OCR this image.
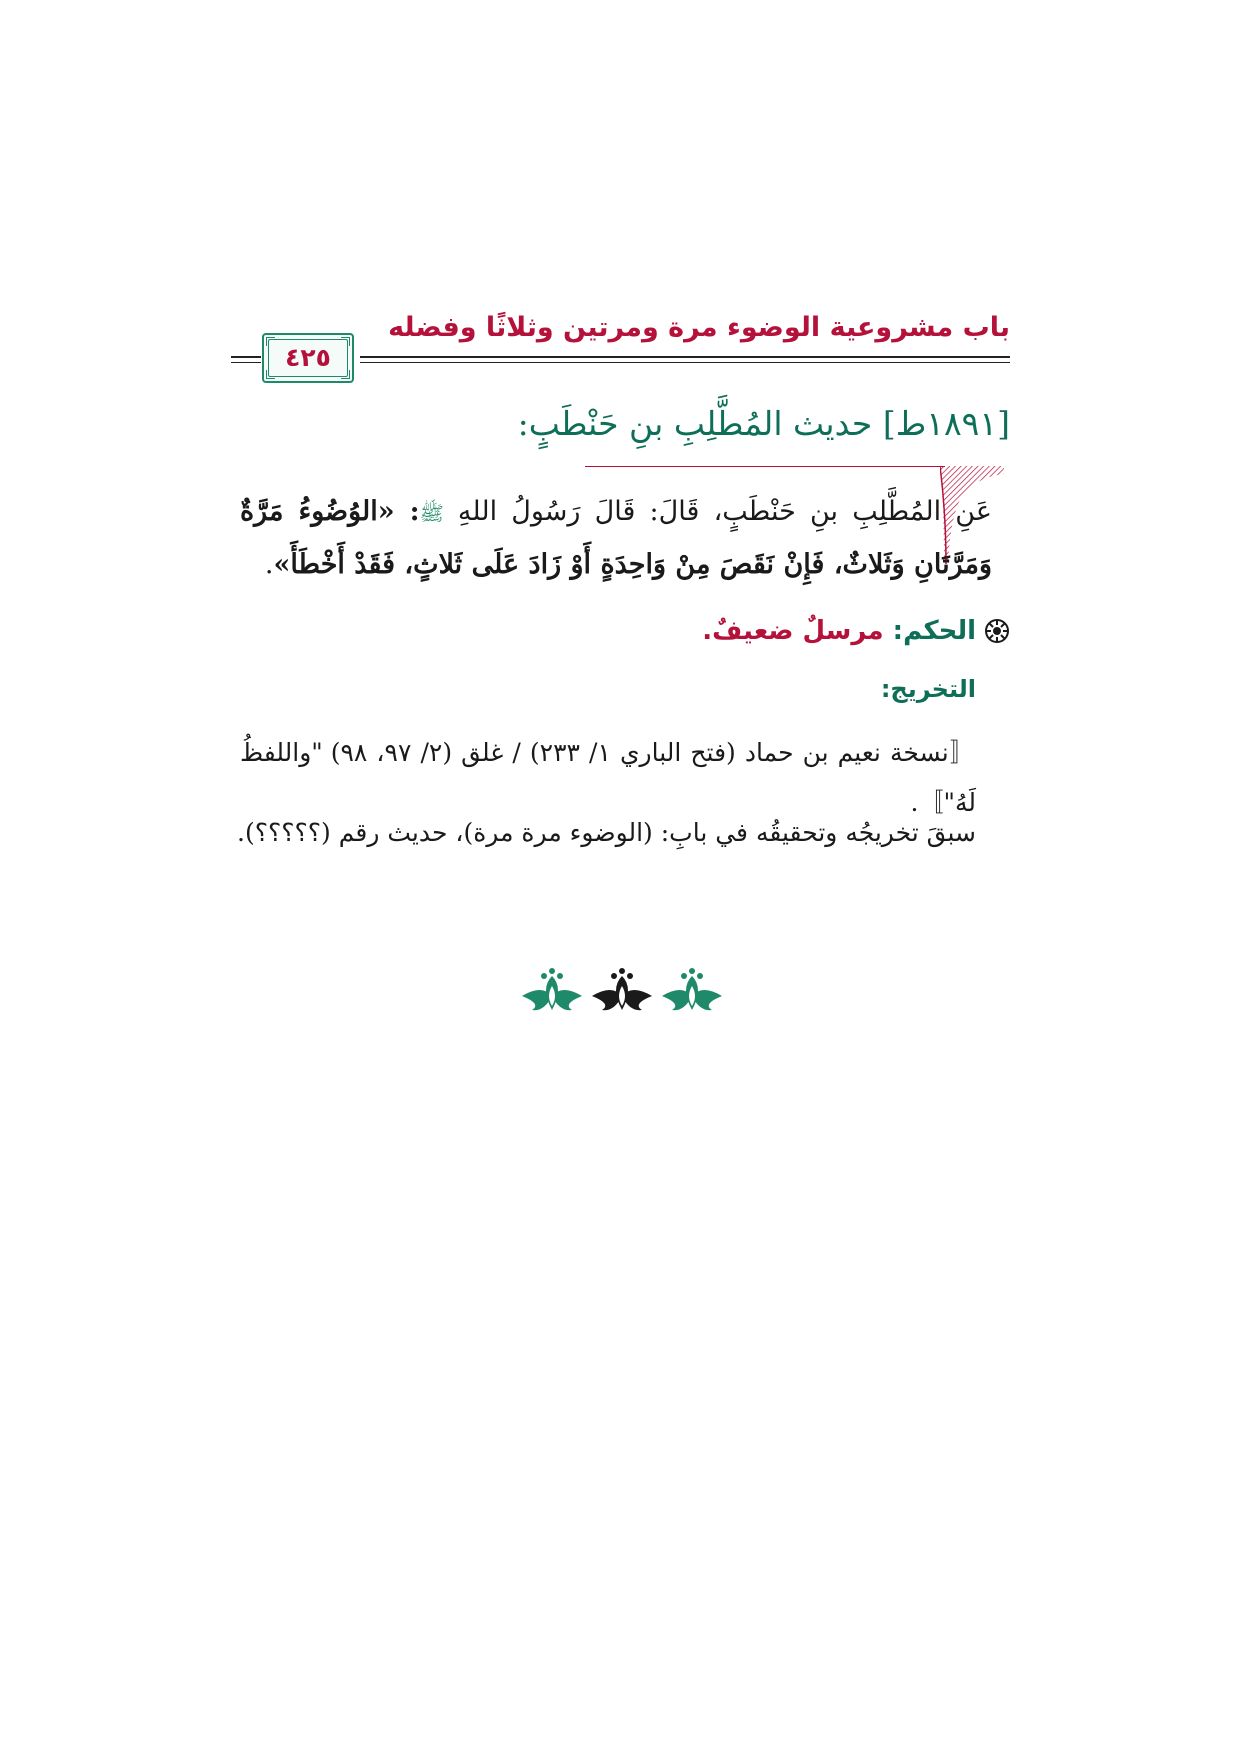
باب مشروعية الوضوء مرة ومرتين وثلاثًا وفضله
٤٢٥
[١٨٩١ط] حديث المُطَّلِبِ بنِ حَنْطَبٍ:
عَنِ المُطَّلِبِ بنِ حَنْطَبٍ، قَالَ: قَالَ رَسُولُ اللهِ ﷺ: «الوُضُوءُ مَرَّةٌ وَمَرَّتَانِ وَثَلاثٌ، فَإِنْ نَقَصَ مِنْ وَاحِدَةٍ أَوْ زَادَ عَلَى ثَلاثٍ، فَقَدْ أَخْطَأَ».
الحكم: مرسلٌ ضعيفٌ.
التخريج:
〚نسخة نعيم بن حماد (فتح الباري ١/ ٢٣٣) / غلق (٢/ ٩٧، ٩٨) "واللفظُ لَهُ"〛.
سبقَ تخريجُه وتحقيقُه في بابِ: (الوضوء مرة مرة)، حديث رقم (؟؟؟؟؟).
